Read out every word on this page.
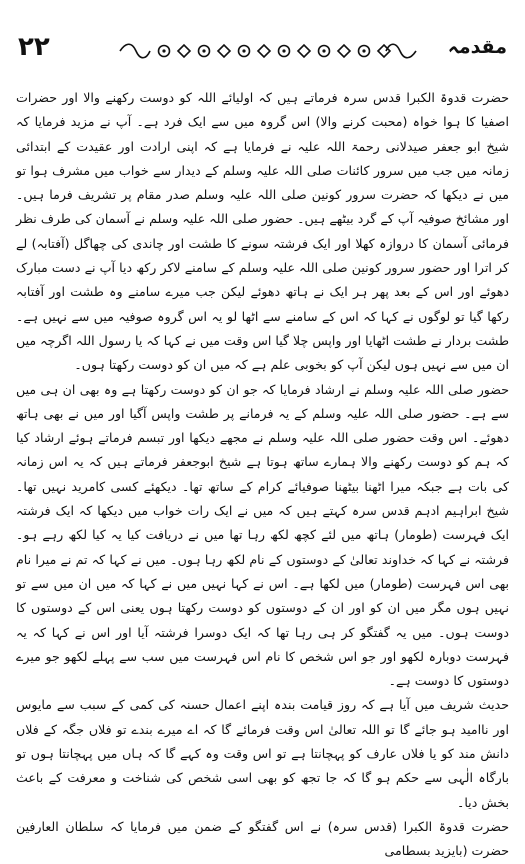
۲۲	مقدمہ

حضرت قدوۃ الکبرا قدس سرہ فرماتے ہیں کہ اولیائے اللہ کو دوست رکھنے والا اور حضرات اصفیا کا ہوا خواہ (محبت کرنے والا) اس گروہ میں سے ایک فرد ہے۔ آپ نے مزید فرمایا کہ شیخ ابو جعفر صیدلانی رحمۃ اللہ علیہ نے فرمایا ہے کہ اپنی ارادت اور عقیدت کے ابتدائی زمانہ میں جب میں سرور کائنات صلی اللہ علیہ وسلم کے دیدار سے خواب میں مشرف ہوا تو میں نے دیکھا کہ حضرت سرور کونین صلی اللہ علیہ وسلم صدر مقام پر تشریف فرما ہیں۔ اور مشائخ صوفیہ آپ کے گرد بیٹھے ہیں۔ حضور صلی اللہ علیہ وسلم نے آسمان کی طرف نظر فرمائی آسمان کا دروازہ کھلا اور ایک فرشتہ سونے کا طشت اور چاندی کی چھاگل (آفتابہ) لے کر اترا اور حضور سرور کونین صلی اللہ علیہ وسلم کے سامنے لاکر رکھ دیا آپ نے دست مبارک دھوئے اور اس کے بعد پھر ہر ایک نے ہاتھ دھوئے لیکن جب میرے سامنے وہ طشت اور آفتابہ رکھا گیا تو لوگوں نے کہا کہ اس کے سامنے سے اٹھا لو یہ اس گروہ صوفیہ میں سے نہیں ہے۔ طشت بردار نے طشت اٹھایا اور واپس چلا گیا اس وقت میں نے کہا کہ یا رسول اللہ اگرچہ میں ان میں سے نہیں ہوں لیکن آپ کو بخوبی علم ہے کہ میں ان کو دوست رکھتا ہوں۔

حضور صلی اللہ علیہ وسلم نے ارشاد فرمایا کہ جو ان کو دوست رکھتا ہے وہ بھی ان ہی میں سے ہے۔ حضور صلی اللہ علیہ وسلم کے یہ فرمانے پر طشت واپس آگیا اور میں نے بھی ہاتھ دھوئے۔ اس وقت حضور صلی اللہ علیہ وسلم نے مجھے دیکھا اور تبسم فرماتے ہوئے ارشاد کیا کہ ہم کو دوست رکھنے والا ہمارے ساتھ ہوتا ہے شیخ ابوجعفر فرماتے ہیں کہ یہ اس زمانہ کی بات ہے جبکہ میرا اٹھنا بیٹھنا صوفیائے کرام کے ساتھ تھا۔ دیکھئے کسی کامرید نہیں تھا۔ شیخ ابراہیم ادہم قدس سرہ کہتے ہیں کہ میں نے ایک رات خواب میں دیکھا کہ ایک فرشتہ ایک فہرست (طومار) ہاتھ میں لئے کچھ لکھ رہا تھا میں نے دریافت کیا یہ کیا لکھ رہے ہو۔ فرشتہ نے کہا کہ خداوند تعالیٰ کے دوستوں کے نام لکھ رہا ہوں۔ میں نے کہا کہ تم نے میرا نام بھی اس فہرست (طومار) میں لکھا ہے۔ اس نے کہا نہیں میں نے کہا کہ میں ان میں سے تو نہیں ہوں مگر میں ان کو اور ان کے دوستوں کو دوست رکھتا ہوں یعنی اس کے دوستوں کا دوست ہوں۔ میں یہ گفتگو کر ہی رہا تھا کہ ایک دوسرا فرشتہ آیا اور اس نے کہا کہ یہ فہرست دوبارہ لکھو اور جو اس شخص کا نام اس فہرست میں سب سے پہلے لکھو جو میرے دوستوں کا دوست ہے۔

حدیث شریف میں آیا ہے کہ روز قیامت بندہ اپنے اعمال حسنہ کی کمی کے سبب سے مایوس اور ناامید ہو جائے گا تو اللہ تعالیٰ اس وقت فرمائے گا کہ اے میرے بندے تو فلاں جگہ کے فلاں دانش مند کو یا فلاں عارف کو پہچانتا ہے تو اس وقت وہ کہے گا کہ ہاں میں پہچانتا ہوں تو بارگاہ الٰہی سے حکم ہو گا کہ جا تجھ کو بھی اسی شخص کی شناخت و معرفت کے باعث بخش دیا۔

حضرت قدوۃ الکبرا (قدس سرہ) نے اس گفتگو کے ضمن میں فرمایا کہ سلطان العارفین حضرت (بایزید بسطامی
